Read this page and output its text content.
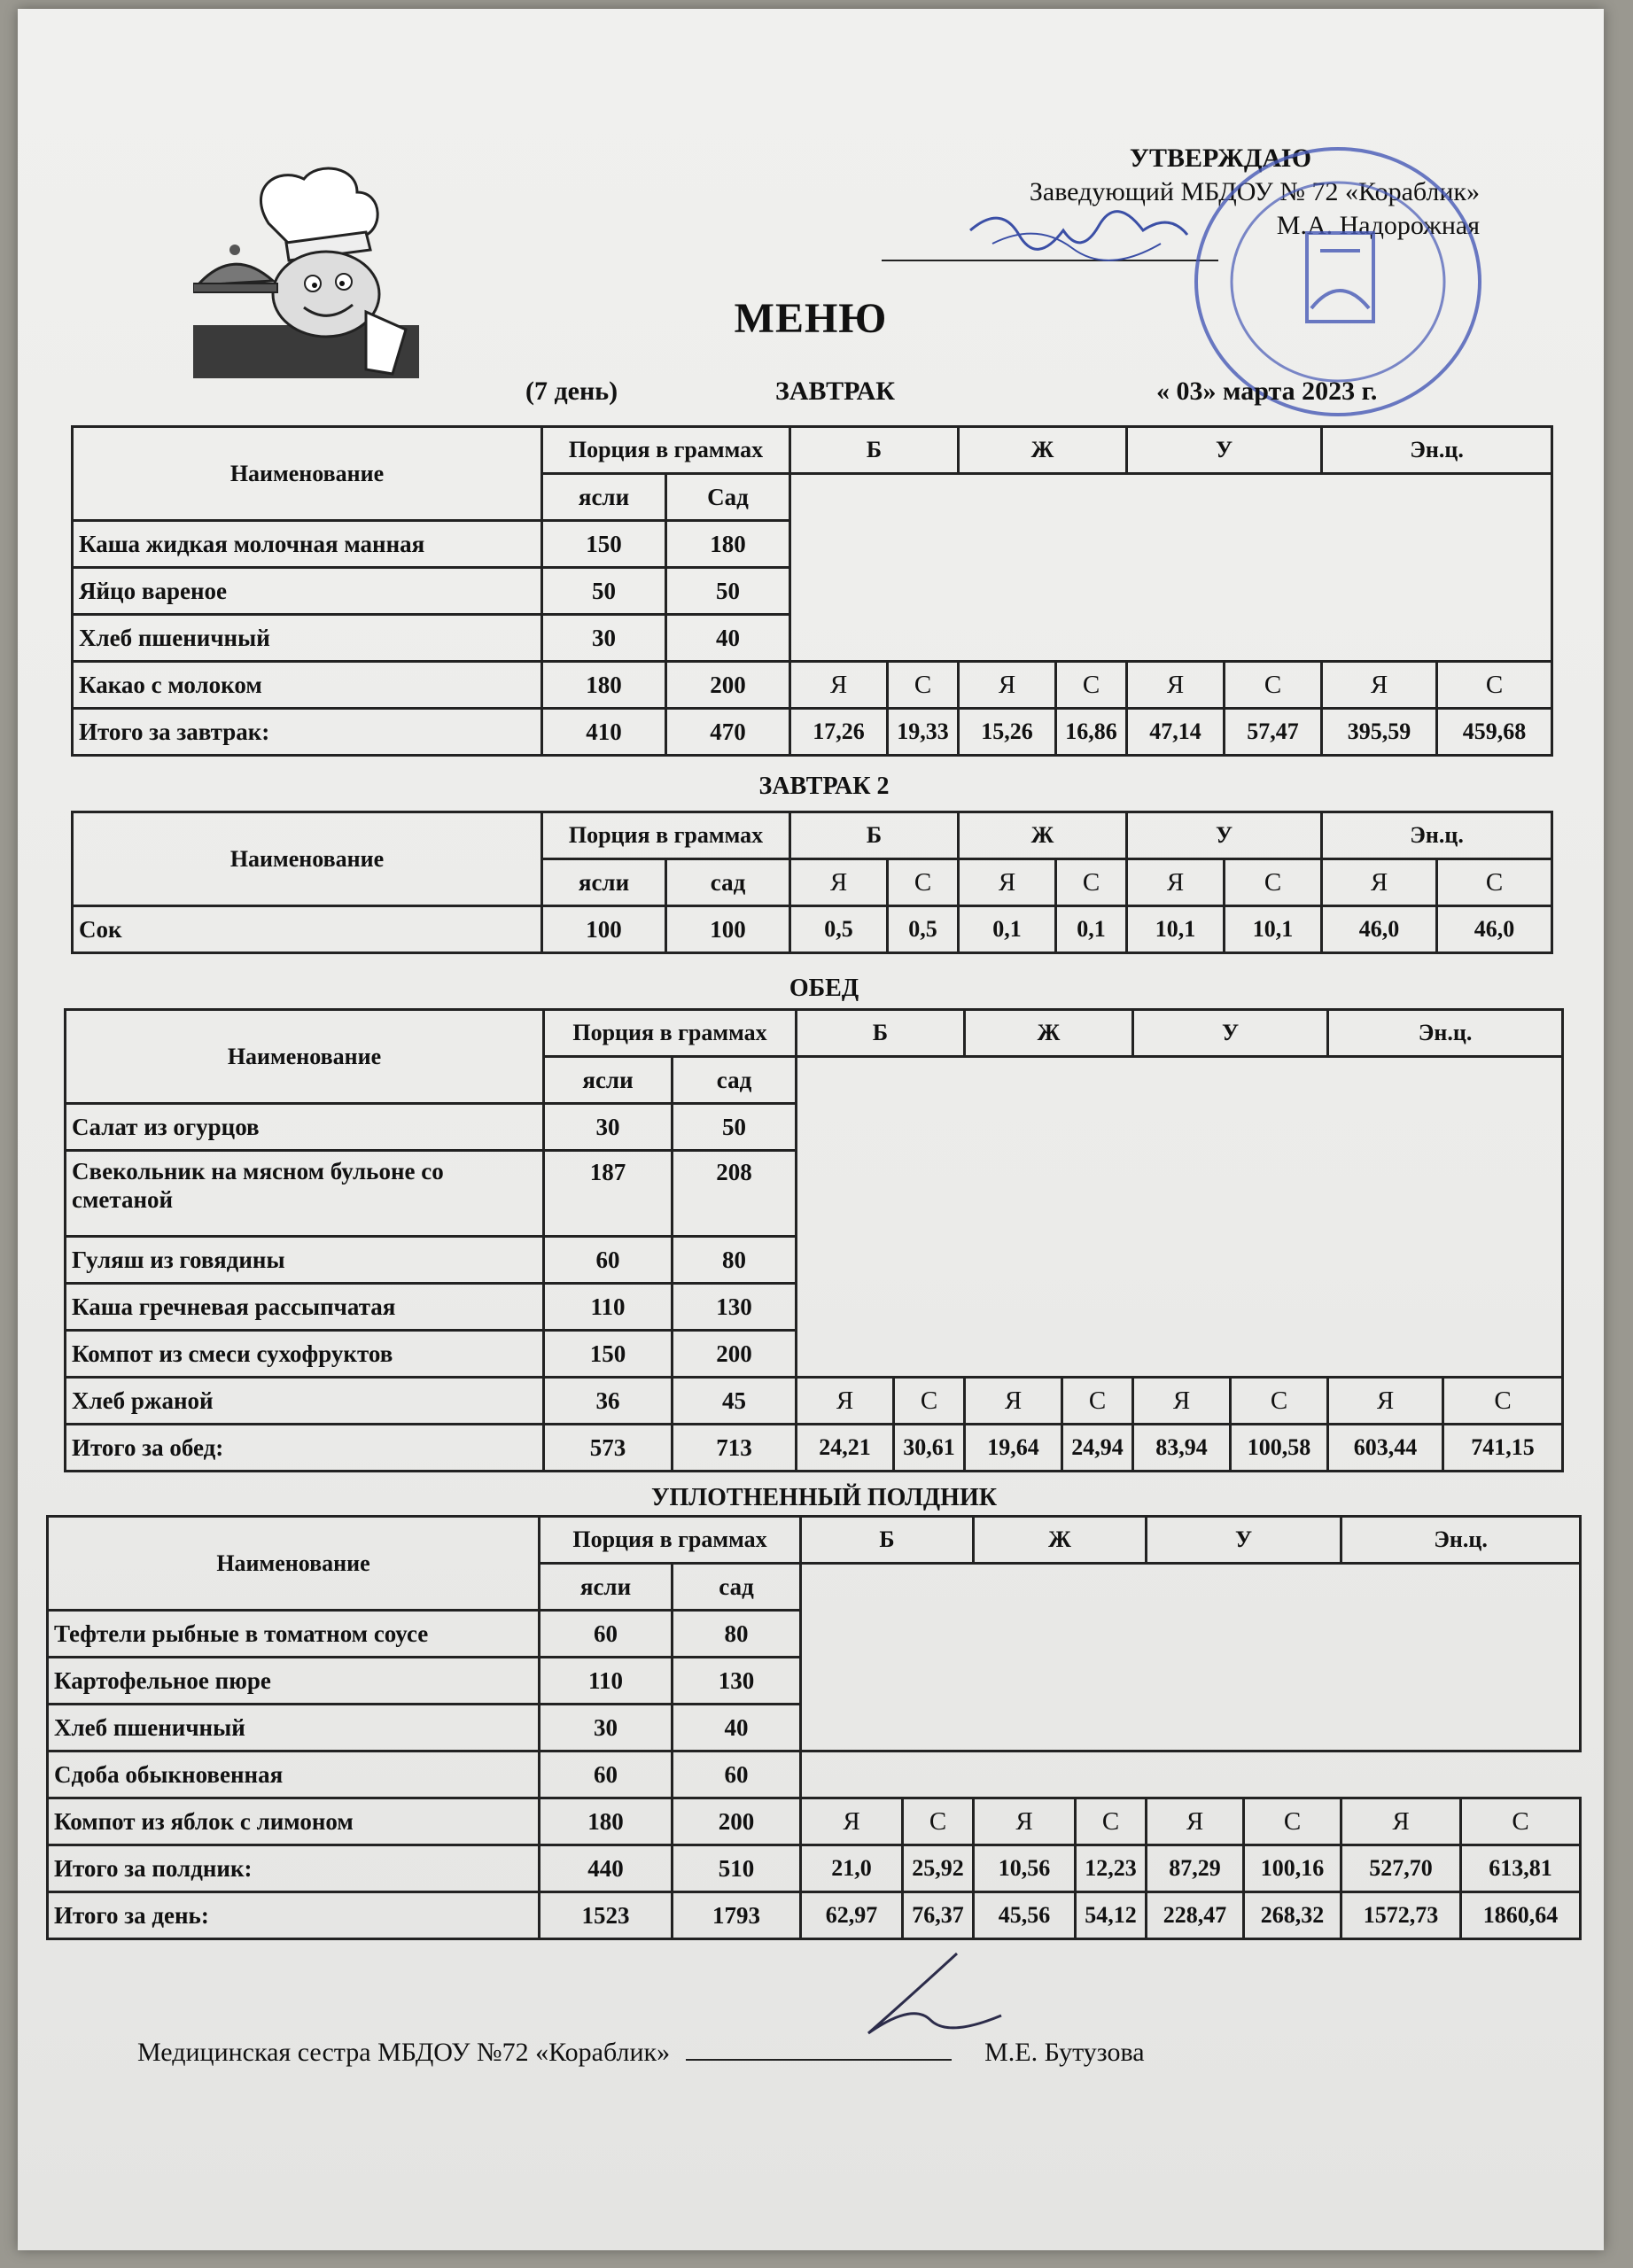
УТВЕРЖДАЮ
Заведующий МБДОУ № 72 «Кораблик»
М.А. Надорожная
МЕНЮ
(7 день)	ЗАВТРАК	« 03» марта 2023 г.
Наименование	Порция в граммах		Б		Ж		У		Эн.ц.	
	ясли	Сад								
Каша жидкая молочная манная	150	180								
Яйцо вареное	50	50								
Хлеб пшеничный	30	40								
Какао с молоком	180	200	Я	С	Я	С	Я	С	Я	С
Итого за завтрак:	410	470	17,26	19,33	15,26	16,86	47,14	57,47	395,59	459,68
ЗАВТРАК 2
Наименование	Порция в граммах		Б		Ж		У		Эн.ц.	
	ясли	сад	Я	С	Я	С	Я	С	Я	С
Сок	100	100	0,5	0,5	0,1	0,1	10,1	10,1	46,0	46,0
ОБЕД
Наименование	Порция в граммах		Б		Ж		У		Эн.ц.	
	ясли	сад								
Салат из огурцов	30	50								
Свекольник на мясном бульоне со сметаной	187	208								
Гуляш из говядины	60	80								
Каша гречневая рассыпчатая	110	130								
Компот из смеси сухофруктов	150	200								
Хлеб ржаной	36	45	Я	С	Я	С	Я	С	Я	С
Итого за обед:	573	713	24,21	30,61	19,64	24,94	83,94	100,58	603,44	741,15
УПЛОТНЕННЫЙ ПОЛДНИК
Наименование	Порция в граммах		Б		Ж		У		Эн.ц.	
	ясли	сад								
Тефтели рыбные в томатном соусе	60	80								
Картофельное пюре	110	130								
Хлеб пшеничный	30	40								
Сдоба обыкновенная	60	60								
Компот из яблок с лимоном	180	200	Я	С	Я	С	Я	С	Я	С
Итого за полдник:	440	510	21,0	25,92	10,56	12,23	87,29	100,16	527,70	613,81
Итого за день:	1523	1793	62,97	76,37	45,56	54,12	228,47	268,32	1572,73	1860,64
Медицинская сестра МБДОУ №72 «Кораблик»	М.Е. Бутузова
